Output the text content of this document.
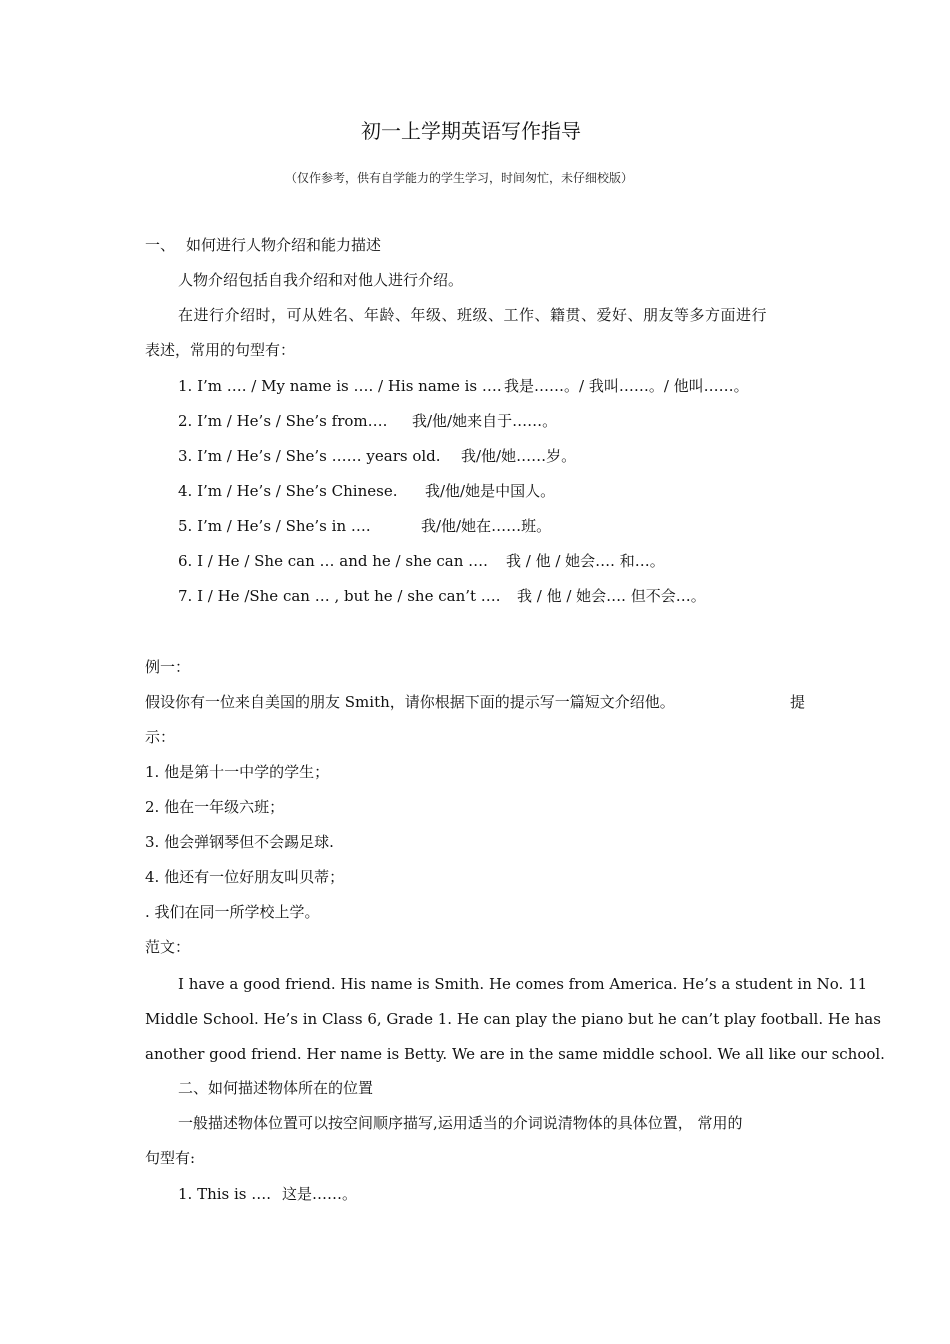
初一上学期英语写作指导
（仅作参考，供有自学能力的学生学习，时间匆忙，未仔细校版）
一、 如何进行人物介绍和能力描述
人物介绍包括自我介绍和对他人进行介绍。
在进行介绍时，可从姓名、年龄、年级、班级、工作、籍贯、爱好、朋友等多方面进行
表述，常用的句型有：
1. I’m …. / My name is …. / His name is …. 我是……。/ 我叫……。/ 他叫……。
2. I’m / He’s / She’s from…. 我/他/她来自于……。
3. I’m / He’s / She’s …… years old. 我/他/她……岁。
4. I’m / He’s / She’s Chinese. 我/他/她是中国人。
5. I’m / He’s / She’s in ….	我/他/她在……班。
6. I / He / She can … and he / she can …. 我 / 他 / 她会…. 和…。
7. I / He /She can … , but he / she can’t …. 我 / 他 / 她会…. 但不会…。
例一：
假设你有一位来自美国的朋友 Smith，请你根据下面的提示写一篇短文介绍他。	提
示：
1. 他是第十一中学的学生；
2. 他在一年级六班；
3. 他会弹钢琴但不会踢足球.
4. 他还有一位好朋友叫贝蒂；
. 我们在同一所学校上学。
范文：
I have a good friend. His name is Smith. He comes from America. He’s a student in No. 11
Middle School. He’s in Class 6, Grade 1. He can play the piano but he can’t play football. He has
another good friend. Her name is Betty. We are in the same middle school. We all like our school.
二、如何描述物体所在的位置
一般描述物体位置可以按空间顺序描写,运用适当的介词说清物体的具体位置， 常用的
句型有:
1. This is …. 这是……。
